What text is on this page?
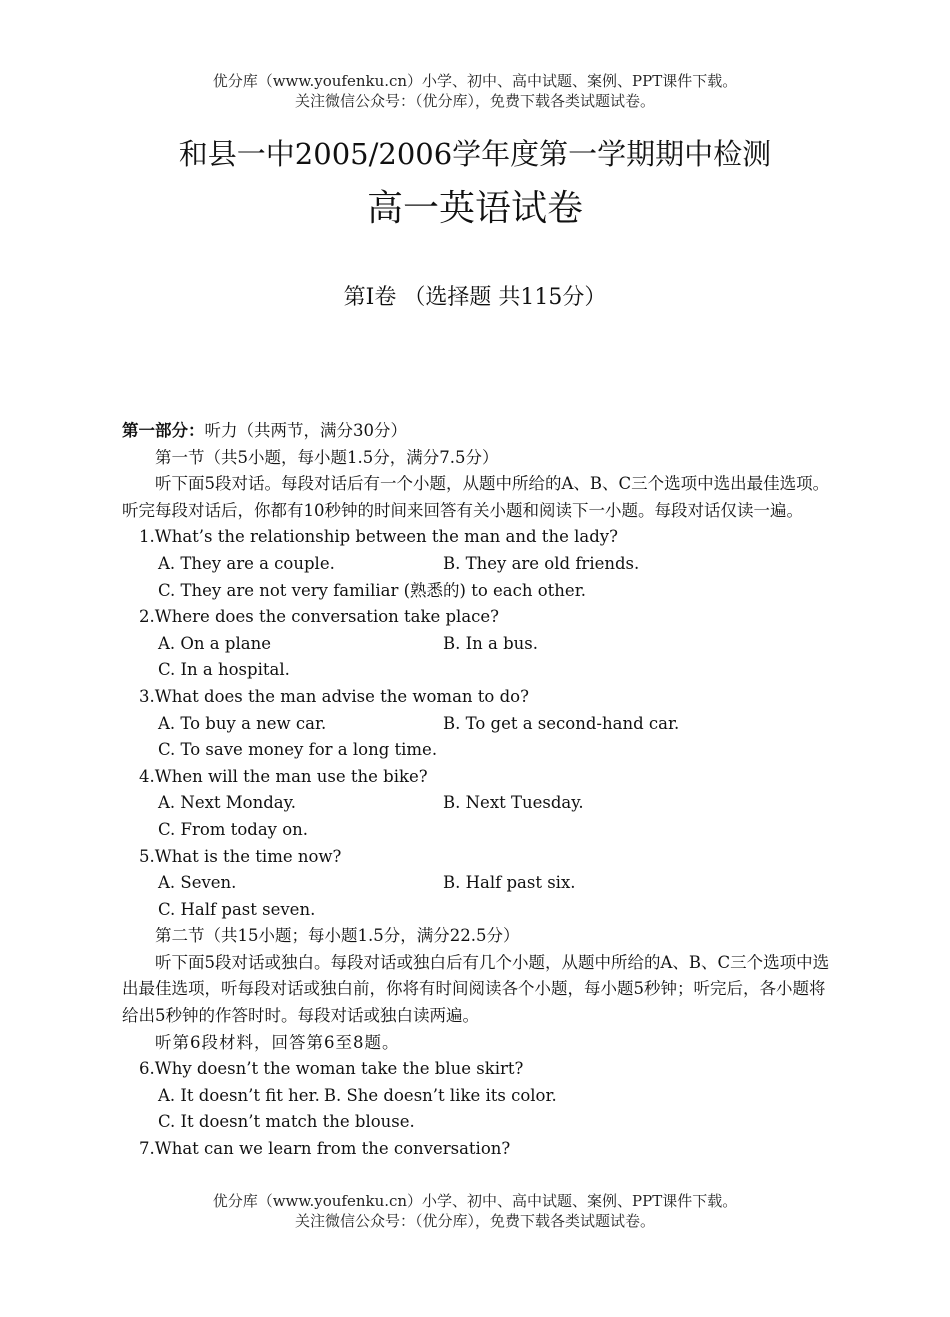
优分库（www.youfenku.cn）小学、初中、高中试题、案例、PPT课件下载。
关注微信公众号：（优分库），免费下载各类试题试卷。
和县一中2005/2006学年度第一学期期中检测
高一英语试卷
第I卷 （选择题 共115分）

第一部分：听力（共两节，满分30分）

第一节（共5小题，每小题1.5分，满分7.5分）

听下面5段对话。每段对话后有一个小题，从题中所给的A、B、C三个选项中选出最佳选项。听完每段对话后，你都有10秒钟的时间来回答有关小题和阅读下一小题。每段对话仅读一遍。

1.What’s the relationship between the man and the lady?

A. They are a couple.	B. They are old friends.

C. They are not very familiar (熟悉的) to each other.

2.Where does the conversation take place?

A. On a plane	B. In a bus.

C. In a hospital.

3.What does the man advise the woman to do?

A. To buy a new car.	B. To get a second-hand car.

C. To save money for a long time.

4.When will the man use the bike?

A. Next Monday.	B. Next Tuesday.

C. From today on.

5.What is the time now?

A. Seven.	B. Half past six.

C. Half past seven.

第二节（共15小题；每小题1.5分，满分22.5分）

听下面5段对话或独白。每段对话或独白后有几个小题，从题中所给的A、B、C三个选项中选出最佳选项，听每段对话或独白前，你将有时间阅读各个小题，每小题5秒钟；听完后，各小题将给出5秒钟的作答时时。每段对话或独白读两遍。

听第6段材料，回答第6至8题。

6.Why doesn’t the woman take the blue skirt?

A. It doesn’t fit her. B. She doesn’t like its color.

C. It doesn’t match the blouse.

7.What can we learn from the conversation?

优分库（www.youfenku.cn）小学、初中、高中试题、案例、PPT课件下载。
关注微信公众号：（优分库），免费下载各类试题试卷。
